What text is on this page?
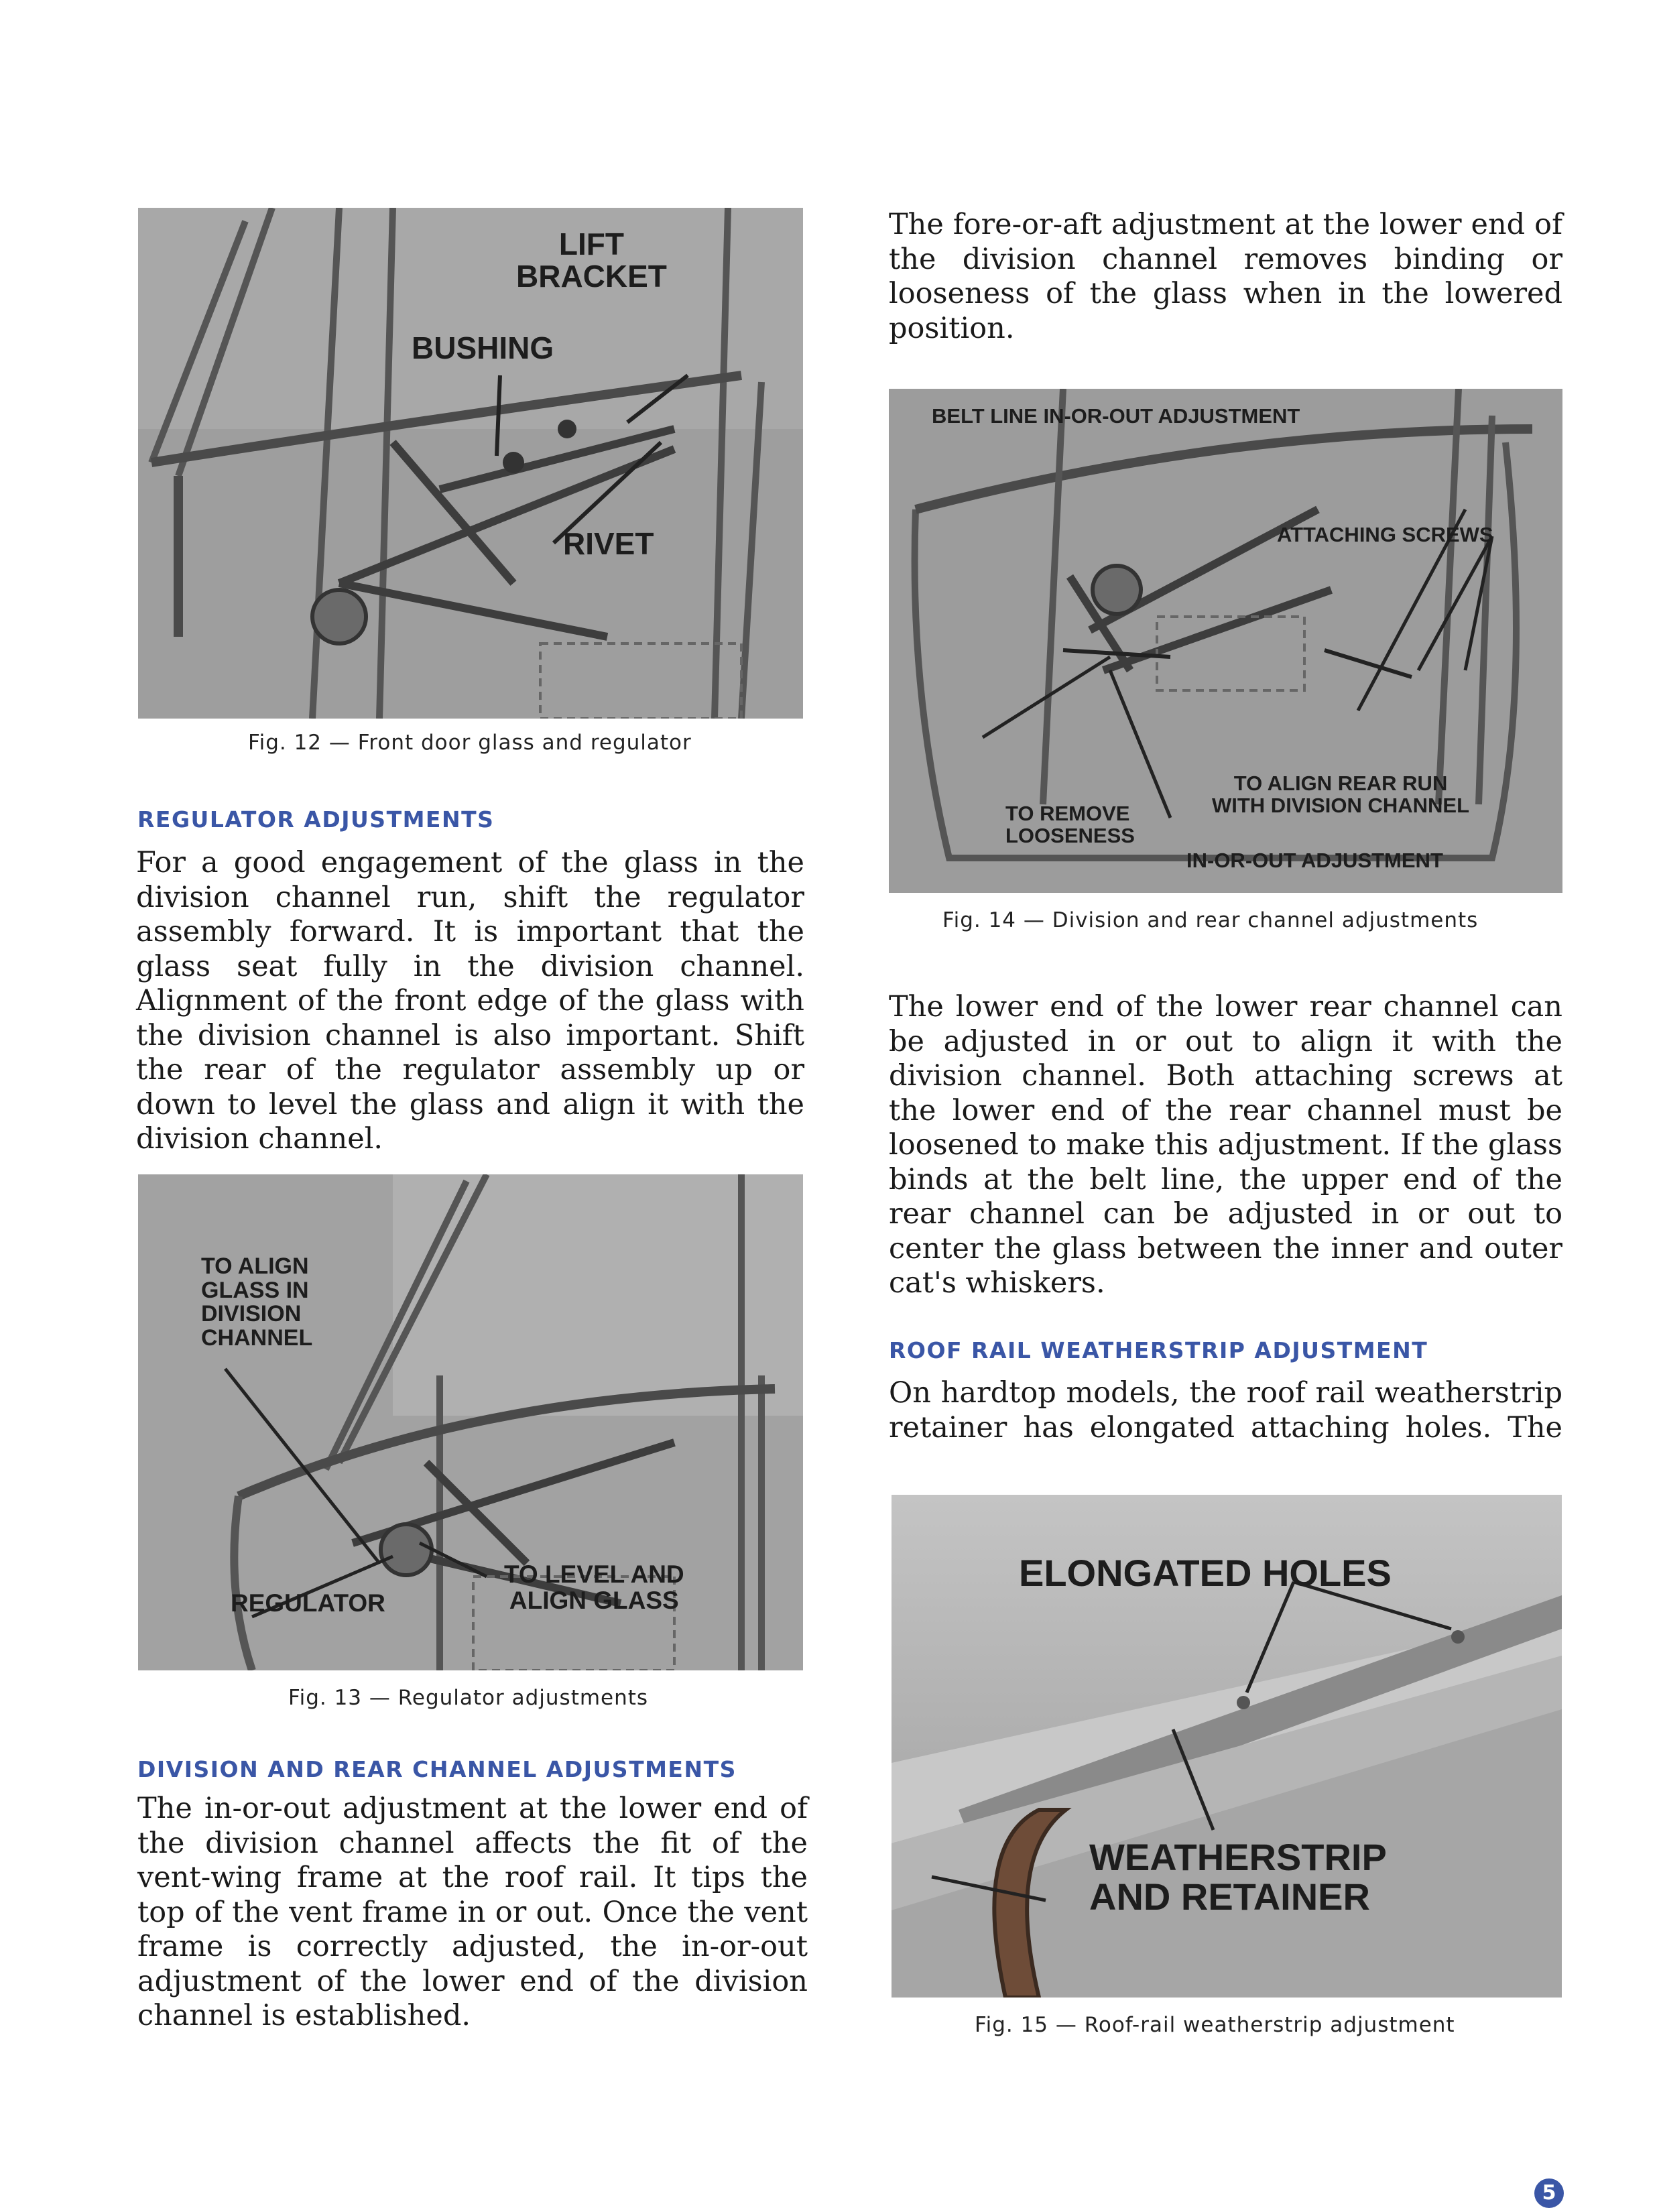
LIFT
BRACKET
BUSHING
RIVET
Fig. 12 — Front door glass and regulator
REGULATOR ADJUSTMENTS

For a good engagement of the glass in the division channel run, shift the regulator assembly forward. It is important that the glass seat fully in the division channel. Alignment of the front edge of the glass with the division channel is also important. Shift the rear of the regulator assembly up or down to level the glass and align it with the division channel.

TO ALIGN
GLASS IN
DIVISION
CHANNEL
REGULATOR
TO LEVEL AND
ALIGN GLASS
Fig. 13 — Regulator adjustments
DIVISION AND REAR CHANNEL ADJUSTMENTS

The in-or-out adjustment at the lower end of the division channel affects the fit of the vent-wing frame at the roof rail. It tips the top of the vent frame in or out. Once the vent frame is correctly adjusted, the in-or-out adjustment of the lower end of the division channel is established.

The fore-or-aft adjustment at the lower end of the division channel removes binding or looseness of the glass when in the lowered position.

BELT LINE IN-OR-OUT ADJUSTMENT
ATTACHING SCREWS
TO REMOVE
LOOSENESS
TO ALIGN REAR RUN
WITH DIVISION CHANNEL
IN-OR-OUT ADJUSTMENT
Fig. 14 — Division and rear channel adjustments

The lower end of the lower rear channel can be adjusted in or out to align it with the division channel. Both attaching screws at the lower end of the rear channel must be loosened to make this adjustment. If the glass binds at the belt line, the upper end of the rear channel can be adjusted in or out to center the glass between the inner and outer cat's whiskers.

ROOF RAIL WEATHERSTRIP ADJUSTMENT

On hardtop models, the roof rail weatherstrip retainer has elongated attaching holes. The

ELONGATED HOLES
WEATHERSTRIP
AND RETAINER
Fig. 15 — Roof-rail weatherstrip adjustment
5
